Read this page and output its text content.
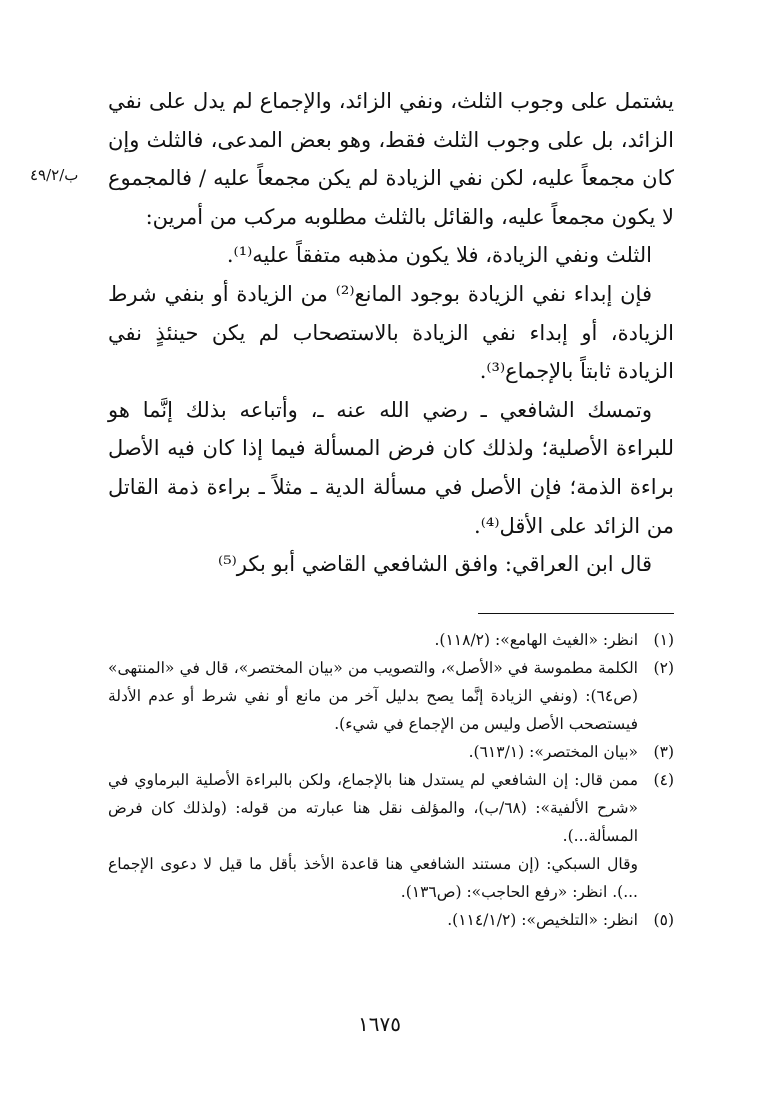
ب/٤٩/٢

يشتمل على وجوب الثلث، ونفي الزائد، والإجماع لم يدل على نفي الزائد، بل على وجوب الثلث فقط، وهو بعض المدعى، فالثلث وإن كان مجمعاً عليه، لكن نفي الزيادة لم يكن مجمعاً عليه / فالمجموع لا يكون مجمعاً عليه، والقائل بالثلث مطلوبه مركب من أمرين:

الثلث ونفي الزيادة، فلا يكون مذهبه متفقاً عليه⁽¹⁾.

فإن إبداء نفي الزيادة بوجود المانع⁽²⁾ من الزيادة أو بنفي شرط الزيادة، أو إبداء نفي الزيادة بالاستصحاب لم يكن حينئذٍ نفي الزيادة ثابتاً بالإجماع⁽³⁾.

وتمسك الشافعي ـ رضي الله عنه ـ، وأتباعه بذلك إنَّما هو للبراءة الأصلية؛ ولذلك كان فرض المسألة فيما إذا كان فيه الأصل براءة الذمة؛ فإن الأصل في مسألة الدية ـ مثلاً ـ براءة ذمة القاتل من الزائد على الأقل⁽⁴⁾.

قال ابن العراقي: وافق الشافعي القاضي أبو بكر⁽⁵⁾

(١)

انظر: «الغيث الهامع»: (١١٨/٢).

(٢)

الكلمة مطموسة في «الأصل»، والتصويب من «بيان المختصر»، قال في «المنتهى» (ص٦٤): (ونفي الزيادة إنَّما يصح بدليل آخر من مانع أو نفي شرط أو عدم الأدلة فيستصحب الأصل وليس من الإجماع في شيء).

(٣)

«بيان المختصر»: (٦١٣/١).

(٤)

ممن قال: إن الشافعي لم يستدل هنا بالإجماع، ولكن بالبراءة الأصلية البرماوي في «شرح الألفية»: (٦٨/ب)، والمؤلف نقل هنا عبارته من قوله: (ولذلك كان فرض المسألة...).

وقال السبكي: (إن مستند الشافعي هنا قاعدة الأخذ بأقل ما قيل لا دعوى الإجماع ...). انظر: «رفع الحاجب»: (ص١٣٦).

(٥)

انظر: «التلخيص»: (١١٤/١/٢).

١٦٧٥
